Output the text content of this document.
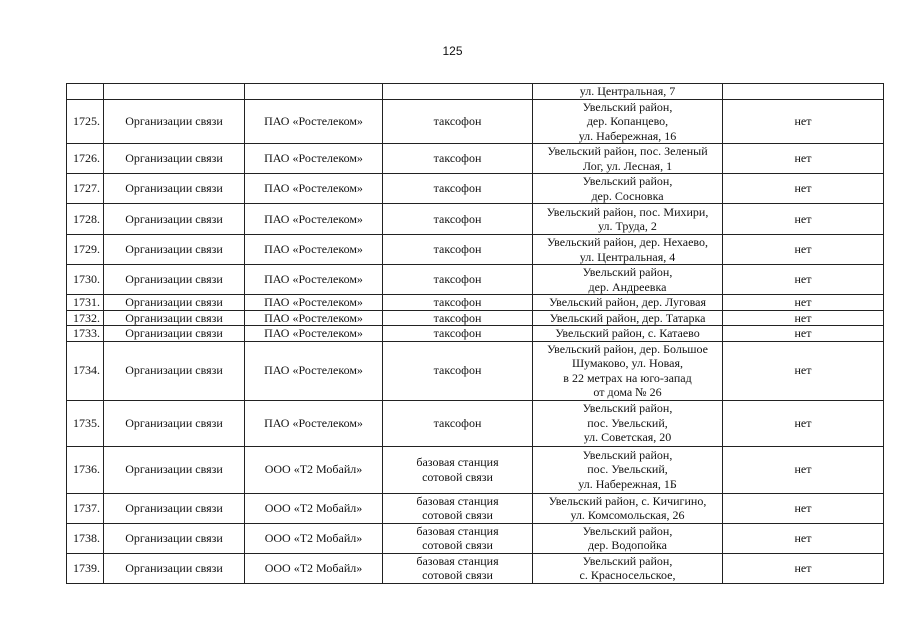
125
				ул. Центральная, 7	
1725.	Организации связи	ПАО «Ростелеком»	таксофон	Увельский район,
дер. Копанцево,
ул. Набережная, 16	нет
1726.	Организации связи	ПАО «Ростелеком»	таксофон	Увельский район, пос. Зеленый
Лог, ул. Лесная, 1	нет
1727.	Организации связи	ПАО «Ростелеком»	таксофон	Увельский район,
дер. Сосновка	нет
1728.	Организации связи	ПАО «Ростелеком»	таксофон	Увельский район, пос. Михири,
ул. Труда, 2	нет
1729.	Организации связи	ПАО «Ростелеком»	таксофон	Увельский район, дер. Нехаево,
ул. Центральная, 4	нет
1730.	Организации связи	ПАО «Ростелеком»	таксофон	Увельский район,
дер. Андреевка	нет
1731.	Организации связи	ПАО «Ростелеком»	таксофон	Увельский район, дер. Луговая	нет
1732.	Организации связи	ПАО «Ростелеком»	таксофон	Увельский район, дер. Татарка	нет
1733.	Организации связи	ПАО «Ростелеком»	таксофон	Увельский район, с. Катаево	нет
1734.	Организации связи	ПАО «Ростелеком»	таксофон	Увельский район, дер. Большое
Шумаково, ул. Новая,
в 22 метрах на юго-запад
от дома № 26	нет
1735.	Организации связи	ПАО «Ростелеком»	таксофон	Увельский район,
пос. Увельский,
ул. Советская, 20	нет
1736.	Организации связи	ООО «Т2 Мобайл»	базовая станция
сотовой связи	Увельский район,
пос. Увельский,
ул. Набережная, 1Б	нет
1737.	Организации связи	ООО «Т2 Мобайл»	базовая станция
сотовой связи	Увельский район, с. Кичигино,
ул. Комсомольская, 26	нет
1738.	Организации связи	ООО «Т2 Мобайл»	базовая станция
сотовой связи	Увельский район,
дер. Водопойка	нет
1739.	Организации связи	ООО «Т2 Мобайл»	базовая станция
сотовой связи	Увельский район,
с. Красносельское,	нет
